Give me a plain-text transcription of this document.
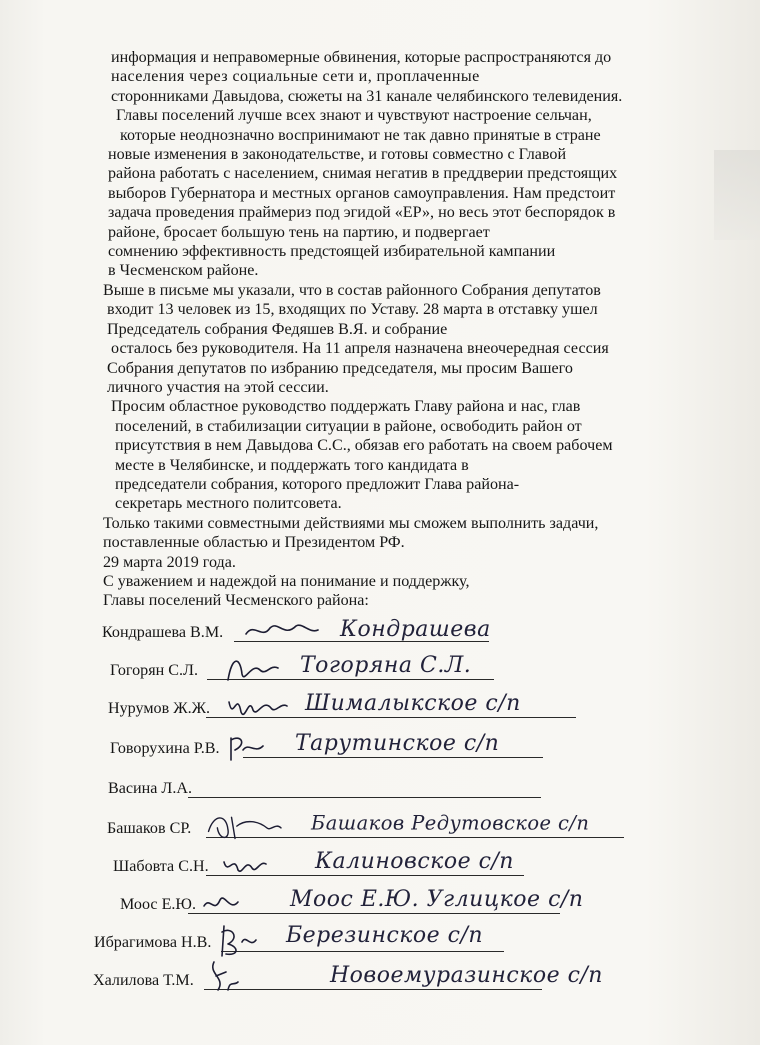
информация и неправомерные обвинения, которые распространяются до

населения через социальные сети и, проплаченные

сторонниками Давыдова, сюжеты на 31 канале челябинского телевидения.

Главы поселений лучше всех знают и чувствуют настроение сельчан,

которые неоднозначно воспринимают не так давно принятые в стране

новые изменения в законодательстве, и готовы совместно с Главой

района работать с населением, снимая негатив в преддверии предстоящих

выборов Губернатора и местных органов самоуправления. Нам предстоит

задача проведения праймериз под эгидой «ЕР», но весь этот беспорядок в

районе, бросает большую тень на партию, и подвергает

сомнению эффективность предстоящей избирательной кампании

в Чесменском районе.

Выше в письме мы указали, что в состав районного Собрания депутатов

входит 13 человек из 15, входящих по Уставу. 28 марта в отставку ушел

Председатель собрания Федяшев В.Я. и собрание

осталось без руководителя. На 11 апреля назначена внеочередная сессия

Собрания депутатов по избранию председателя, мы просим Вашего

личного участия на этой сессии.

Просим областное руководство поддержать Главу района и нас, глав

поселений, в стабилизации ситуации в районе, освободить район от

присутствия в нем Давыдова С.С., обязав его работать на своем рабочем

месте в Челябинске, и поддержать того кандидата в

председатели собрания, которого предложит Глава района-

секретарь местного политсовета.

Только такими совместными действиями мы сможем выполнить задачи,

поставленные областью и Президентом РФ.

29 марта 2019 года.

С уважением и надеждой на понимание и поддержку,

Главы поселений Чесменского района:

Кондрашева В.М.	Кондрашева
Гогорян С.Л.	Тогоряна С.Л.
Нурумов Ж.Ж.	Шималыкское с/п
Говорухина Р.В.	Тарутинское с/п
Васина Л.А.
Башаков СР.	Башаков Редутовское с/п
Шабовта С.Н.	Калиновское с/п
Моос Е.Ю.	Моос Е.Ю. Углицкое с/п
Ибрагимова Н.В.	Березинское с/п
Халилова Т.М.	Новоемуразинское с/п
